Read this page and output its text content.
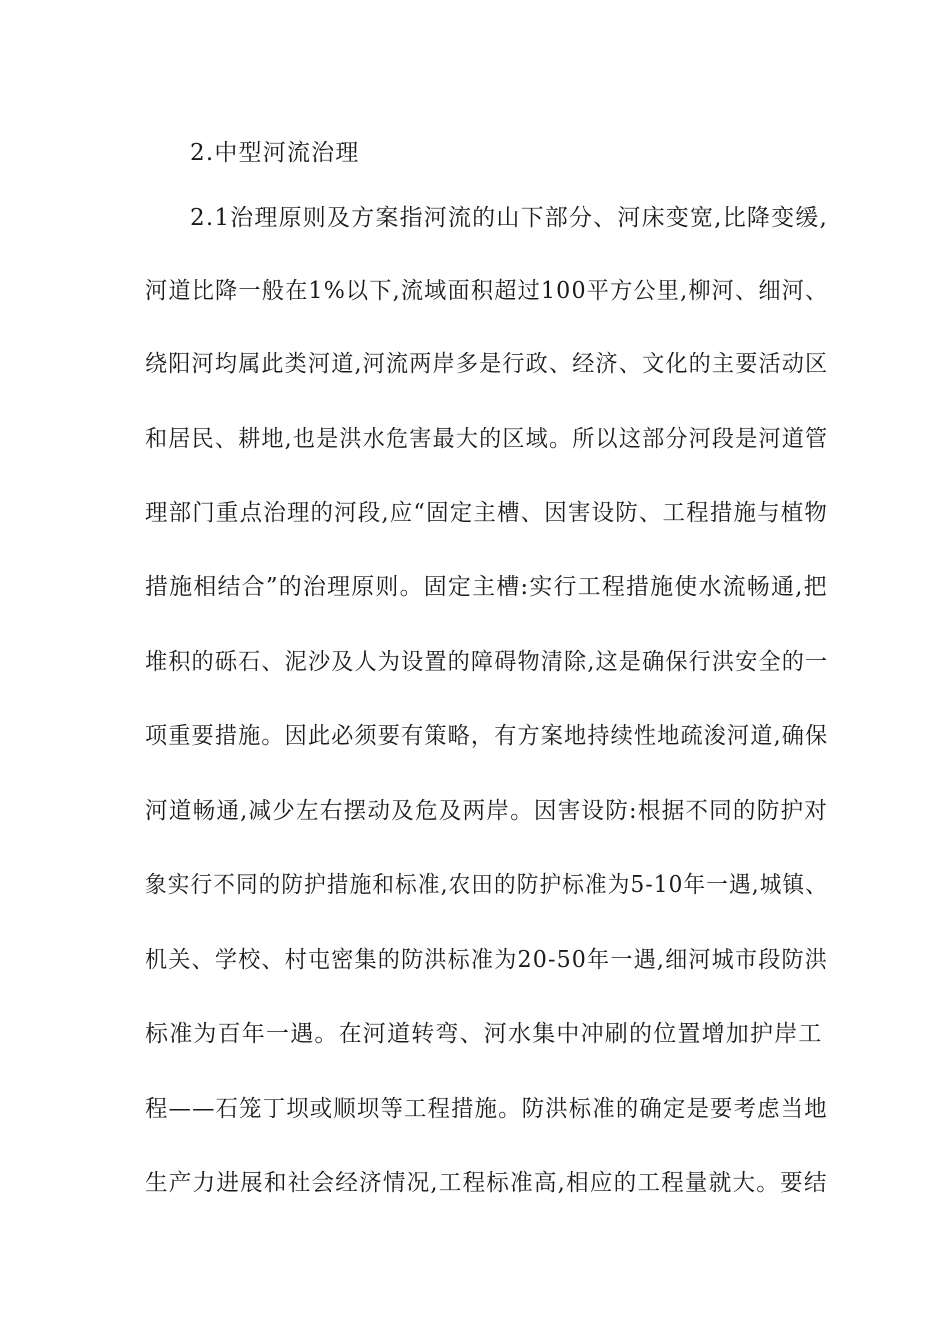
2.中型河流治理
2.1治理原则及方案指河流的山下部分、河床变宽,比降变缓,
河道比降一般在1%以下,流域面积超过100平方公里,柳河、细河、
绕阳河均属此类河道,河流两岸多是行政、经济、文化的主要活动区
和居民、耕地,也是洪水危害最大的区域。所以这部分河段是河道管
理部门重点治理的河段,应“固定主槽、因害设防、工程措施与植物
措施相结合”的治理原则。固定主槽:实行工程措施使水流畅通,把
堆积的砾石、泥沙及人为设置的障碍物清除,这是确保行洪安全的一
项重要措施。因此必须要有策略，有方案地持续性地疏浚河道,确保
河道畅通,减少左右摆动及危及两岸。因害设防:根据不同的防护对
象实行不同的防护措施和标准,农田的防护标准为5-10年一遇,城镇、
机关、学校、村屯密集的防洪标准为20-50年一遇,细河城市段防洪
标准为百年一遇。在河道转弯、河水集中冲刷的位置增加护岸工
程——石笼丁坝或顺坝等工程措施。防洪标准的确定是要考虑当地
生产力进展和社会经济情况,工程标准高,相应的工程量就大。要结
